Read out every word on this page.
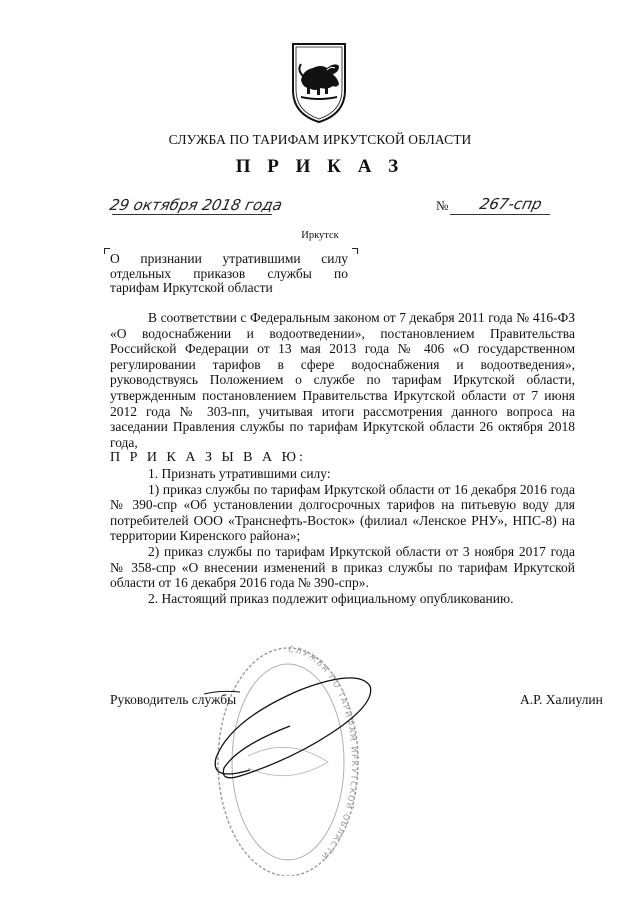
СЛУЖБА ПО ТАРИФАМ ИРКУТСКОЙ ОБЛАСТИ
П Р И К А З
29 октября 2018 года	№ 267-спр
Иркутск
О признании утратившими силу
отдельных приказов службы по
тарифам Иркутской области

В соответствии с Федеральным законом от 7 декабря 2011 года № 416-ФЗ «О водоснабжении и водоотведении», постановлением Правительства Российской Федерации от 13 мая 2013 года № 406 «О государственном регулировании тарифов в сфере водоснабжения и водоотведения», руководствуясь Положением о службе по тарифам Иркутской области, утвержденным постановлением Правительства Иркутской области от 7 июня 2012 года № 303-пп, учитывая итоги рассмотрения данного вопроса на заседании Правления службы по тарифам Иркутской области 26 октября 2018 года,

П Р И К А З Ы В А Ю:

1. Признать утратившими силу:

1) приказ службы по тарифам Иркутской области от 16 декабря 2016 года № 390-спр «Об установлении долгосрочных тарифов на питьевую воду для потребителей ООО «Транснефть-Восток» (филиал «Ленское РНУ», НПС-8) на территории Киренского района»;

2) приказ службы по тарифам Иркутской области от 3 ноября 2017 года № 358-спр «О внесении изменений в приказ службы по тарифам Иркутской области от 16 декабря 2016 года № 390-спр».

2. Настоящий приказ подлежит официальному опубликованию.

СЛУЖБА ПО ТАРИФАМ ИРКУТСКОЙ ОБЛАСТИ
Руководитель службы	А.Р. Халиулин
